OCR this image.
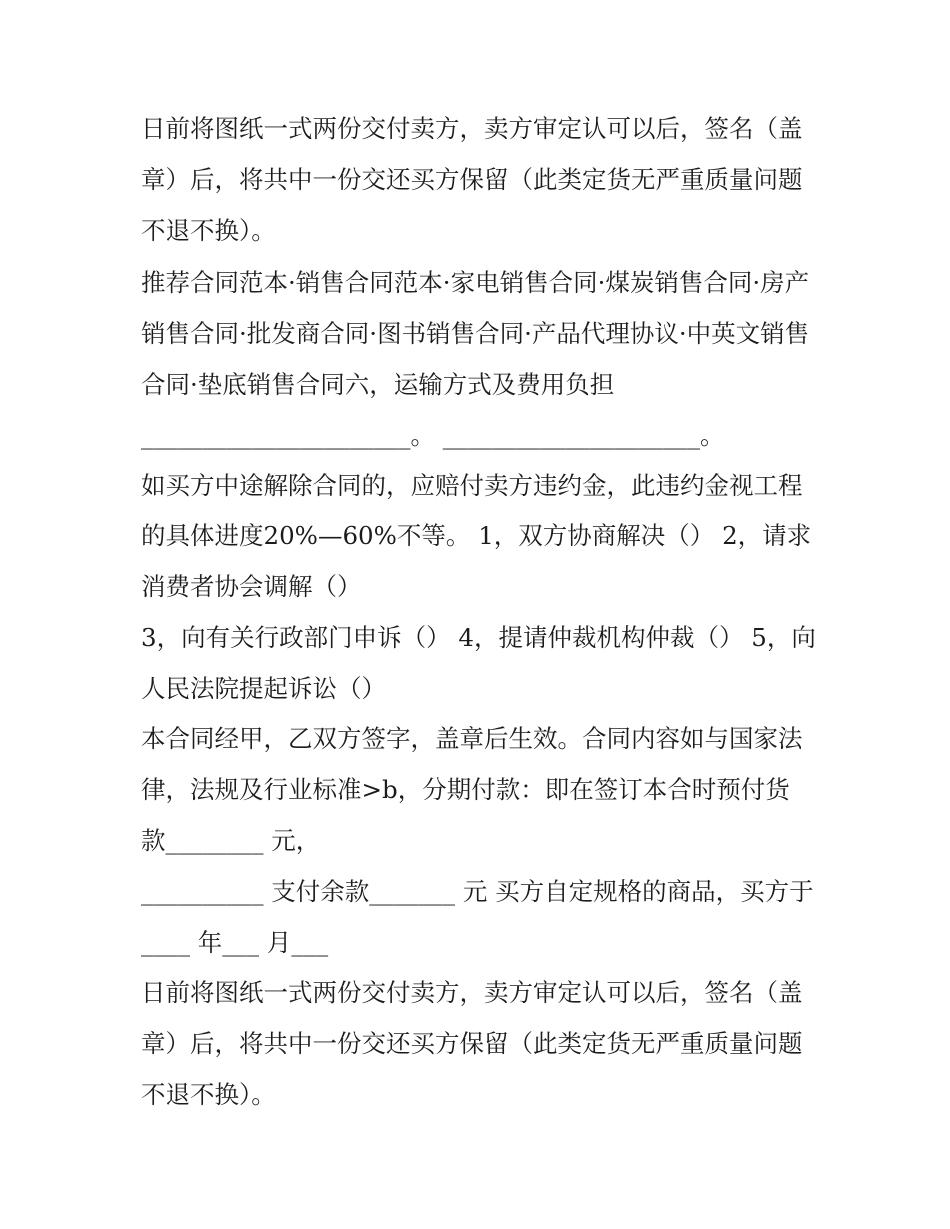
日前将图纸一式两份交付卖方，卖方审定认可以后，签名（盖
章）后，将共中一份交还买方保留（此类定货无严重质量问题
不退不换）。
推荐合同范本·销售合同范本·家电销售合同·煤炭销售合同·房产
销售合同·批发商合同·图书销售合同·产品代理协议·中英文销售
合同·垫底销售合同六，运输方式及费用负担
______________________。 _____________________。
如买方中途解除合同的，应赔付卖方违约金，此违约金视工程
的具体进度20%—60%不等。 1，双方协商解决（） 2，请求
消费者协会调解（）
3，向有关行政部门申诉（） 4，提请仲裁机构仲裁（） 5，向
人民法院提起诉讼（）
本合同经甲，乙双方签字，盖章后生效。合同内容如与国家法
律，法规及行业标准>b，分期付款：即在签订本合时预付货
款________ 元，
__________ 支付余款_______ 元 买方自定规格的商品，买方于
____ 年___ 月___
日前将图纸一式两份交付卖方，卖方审定认可以后，签名（盖
章）后，将共中一份交还买方保留（此类定货无严重质量问题
不退不换）。
